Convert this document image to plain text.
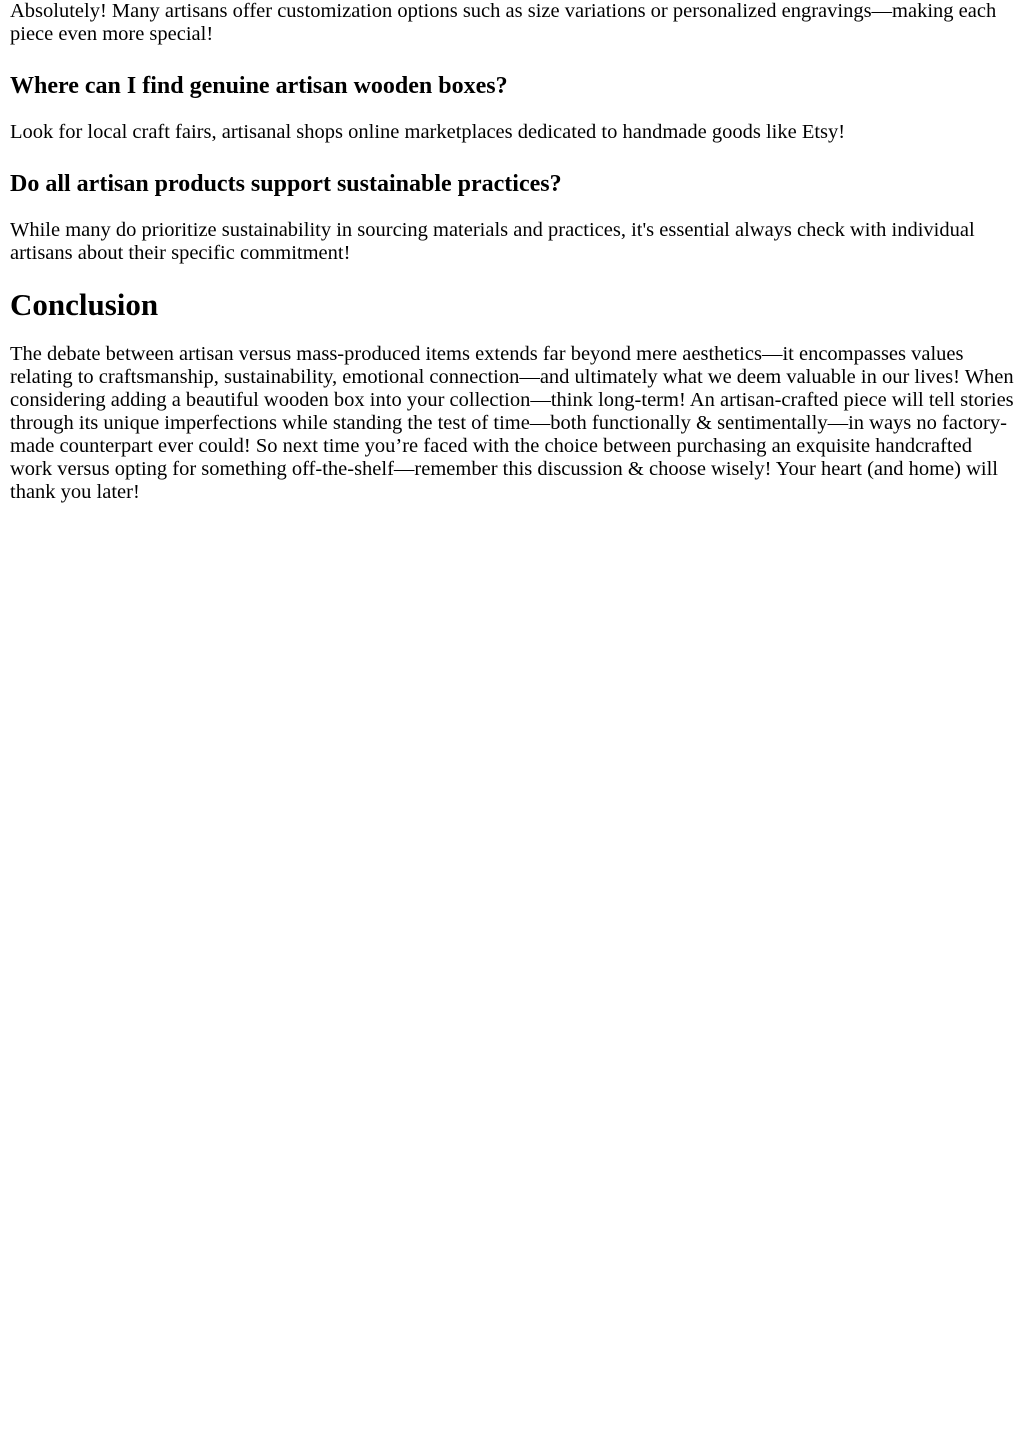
Absolutely! Many artisans offer customization options such as size variations or personalized engravings—making each piece even more special!

Where can I find genuine artisan wooden boxes?

Look for local craft fairs, artisanal shops online marketplaces dedicated to handmade goods like Etsy!

Do all artisan products support sustainable practices?

While many do prioritize sustainability in sourcing materials and practices, it's essential always check with individual artisans about their specific commitment!

Conclusion

The debate between artisan versus mass-produced items extends far beyond mere aesthetics—it encompasses values relating to craftsmanship, sustainability, emotional connection—and ultimately what we deem valuable in our lives! When considering adding a beautiful wooden box into your collection—think long-term! An artisan-crafted piece will tell stories through its unique imperfections while standing the test of time—both functionally & sentimentally—in ways no factory-made counterpart ever could! So next time you’re faced with the choice between purchasing an exquisite handcrafted work versus opting for something off-the-shelf—remember this discussion & choose wisely! Your heart (and home) will thank you later!
